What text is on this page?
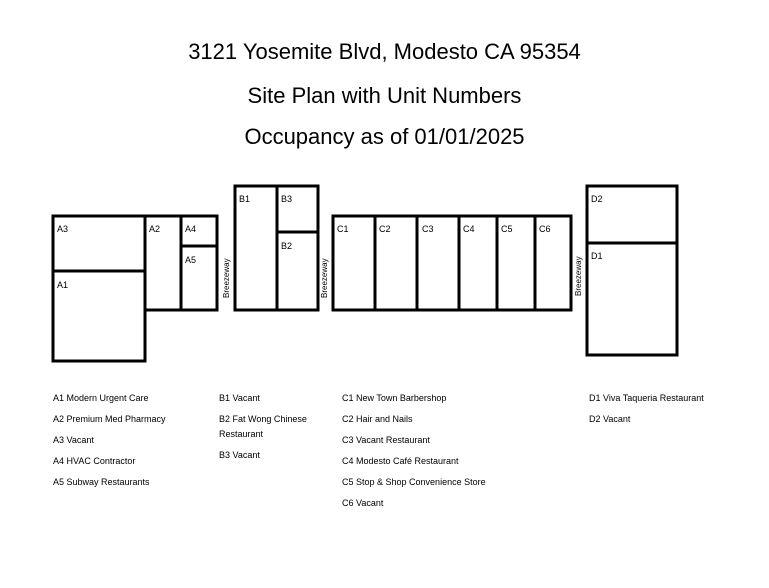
3121 Yosemite Blvd, Modesto CA 95354
Site Plan with Unit Numbers
Occupancy as of 01/01/2025
A3
A1
A2	A4
A5
B1	B3
B2
C1	C2	C3	C4	C5	C6
D2
D1
Breezeway	Breezeway	Breezeway
A1 Modern Urgent Care
A2 Premium Med Pharmacy
A3 Vacant
A4 HVAC Contractor
A5 Subway Restaurants
B1 Vacant
B2 Fat Wong Chinese
Restaurant
B3 Vacant
C1 New Town Barbershop
C2 Hair and Nails
C3 Vacant Restaurant
C4 Modesto Café Restaurant
C5 Stop & Shop Convenience Store
C6 Vacant
D1 Viva Taqueria Restaurant
D2 Vacant
